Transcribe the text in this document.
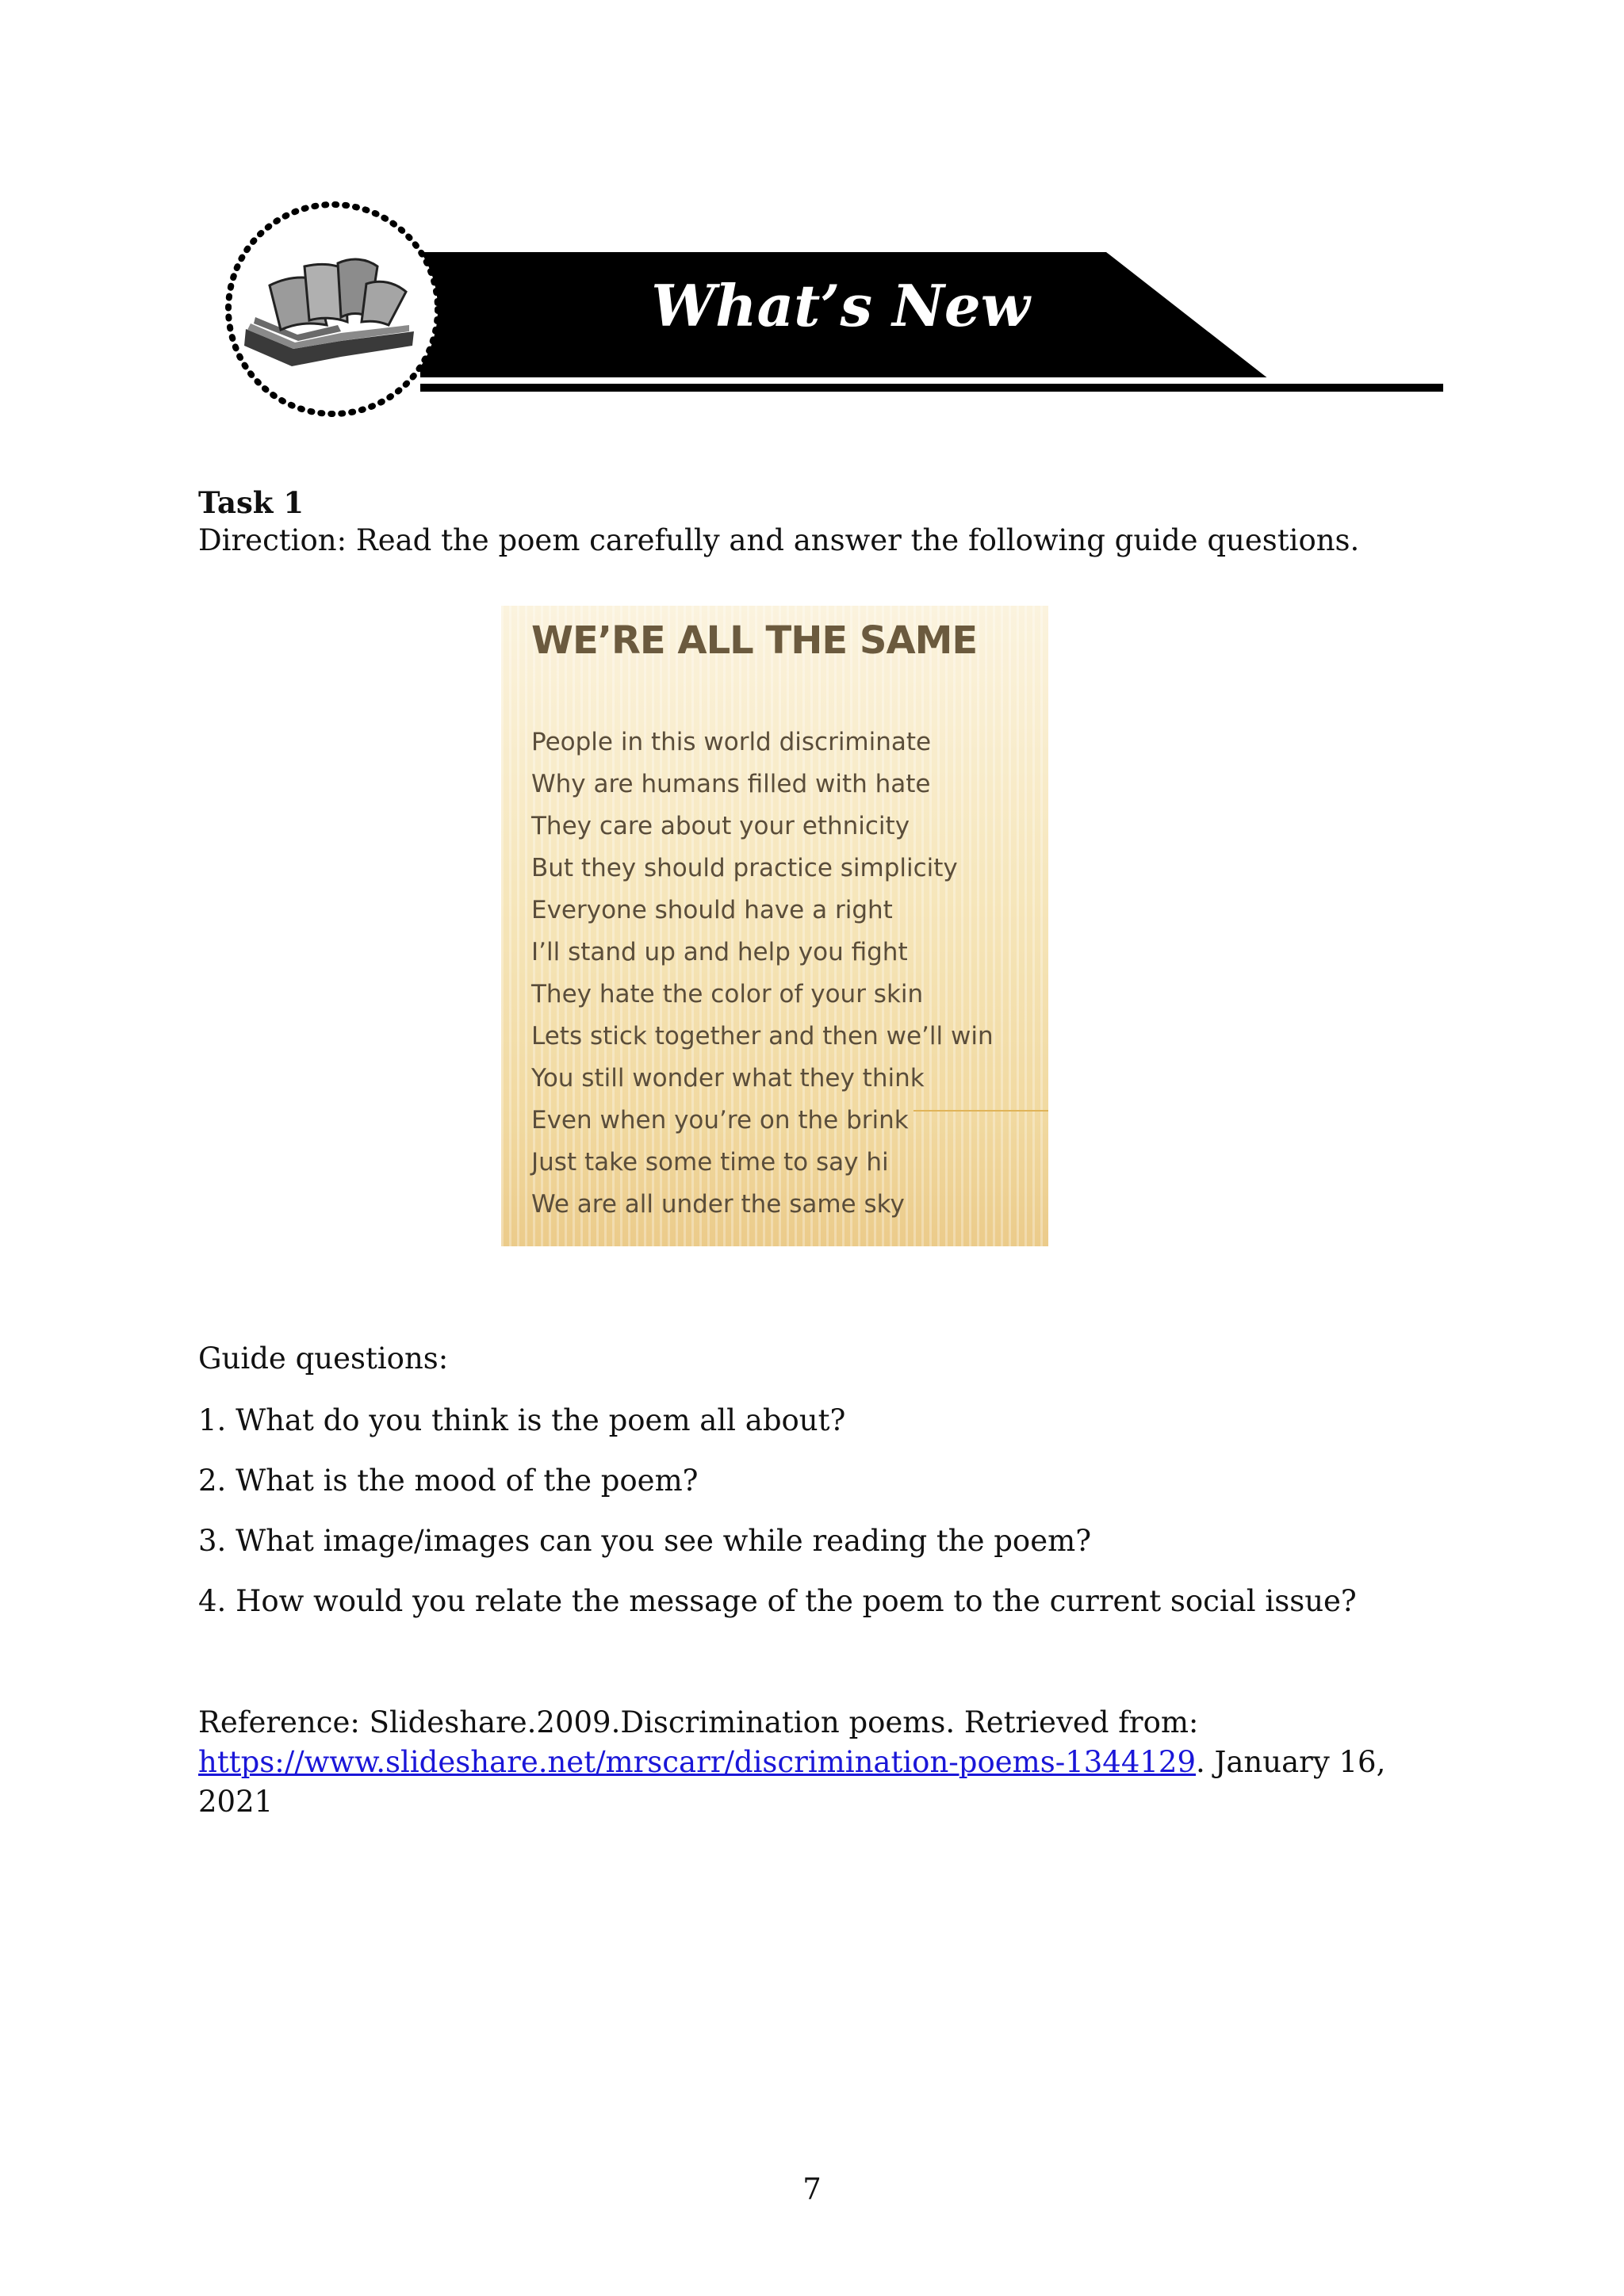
What’s New
Task 1
Direction: Read the poem carefully and answer the following guide questions.
WE’RE ALL THE SAME
People in this world discriminate
Why are humans filled with hate
They care about your ethnicity
But they should practice simplicity
Everyone should have a right
I’ll stand up and help you fight
They hate the color of your skin
Lets stick together and then we’ll win
You still wonder what they think
Even when you’re on the brink
Just take some time to say hi
We are all under the same sky
Guide questions:
1. What do you think is the poem all about?
2. What is the mood of the poem?
3. What image/images can you see while reading the poem?
4. How would you relate the message of the poem to the current social issue?
Reference: Slideshare.2009.Discrimination poems. Retrieved from:
https://www.slideshare.net/mrscarr/discrimination-poems-1344129. January 16, 2021
7
